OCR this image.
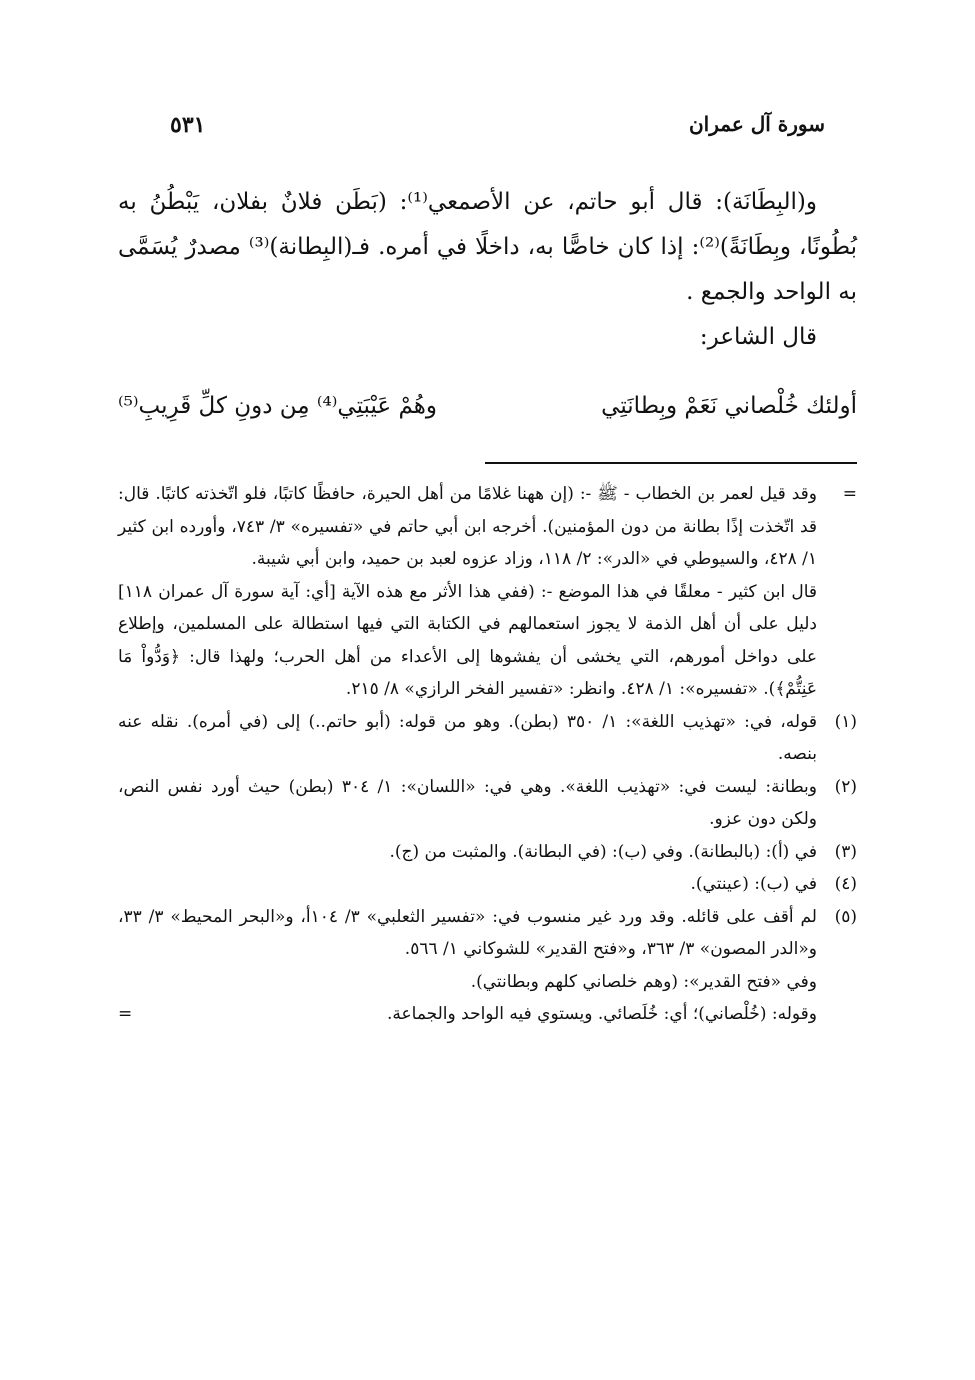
سورة آل عمران
٥٣١

و(البِطَانَة): قال أبو حاتم، عن الأصمعي⁽¹⁾: (بَطَن فلانٌ بفلان، يَبْطُنُ به بُطُونًا، وبِطَانَةً)⁽²⁾: إذا كان خاصًّا به، داخلًا في أمره. فـ(البِطانة)⁽³⁾ مصدرٌ يُسَمَّى به الواحد والجمع .

قال الشاعر:

أولئك خُلْصاني نَعَمْ وبِطانَتِي
وهُمْ عَيْبَتِي⁽⁴⁾ مِن دونِ كلِّ قَرِيبِ⁽⁵⁾
=

وقد قيل لعمر بن الخطاب - ﷺ -: (إن ههنا غلامًا من أهل الحيرة، حافظًا كاتبًا، فلو اتّخذته كاتبًا. قال: قد اتّخذت إذًا بطانة من دون المؤمنين). أخرجه ابن أبي حاتم في «تفسيره» ٣/ ٧٤٣، وأورده ابن كثير ١/ ٤٢٨، والسيوطي في «الدر»: ٢/ ١١٨، وزاد عزوه لعبد بن حميد، وابن أبي شيبة.

قال ابن كثير - معلقًا في هذا الموضع -: (ففي هذا الأثر مع هذه الآية [أي: آية سورة آل عمران ١١٨] دليل على أن أهل الذمة لا يجوز استعمالهم في الكتابة التي فيها استطالة على المسلمين، وإطلاع على دواخل أمورهم، التي يخشى أن يفشوها إلى الأعداء من أهل الحرب؛ ولهذا قال: ﴿وَدُّواْ مَا عَنِتُّمْ﴾). «تفسيره»: ١/ ٤٢٨. وانظر: «تفسير الفخر الرازي» ٨/ ٢١٥.

(١)

قوله، في: «تهذيب اللغة»: ١/ ٣٥٠ (بطن). وهو من قوله: (أبو حاتم..) إلى (في أمره). نقله عنه بنصه.

(٢)

وبطانة: ليست في: «تهذيب اللغة». وهي في: «اللسان»: ١/ ٣٠٤ (بطن) حيث أورد نفس النص، ولكن دون عزو.

(٣)

في (أ): (بالبطانة). وفي (ب): (في البطانة). والمثبت من (ج).

(٤)

في (ب): (عينتي).

(٥)

لم أقف على قائله. وقد ورد غير منسوب في: «تفسير الثعلبي» ٣/ ١٠٤أ، و«البحر المحيط» ٣/ ٣٣، و«الدر المصون» ٣/ ٣٦٣، و«فتح القدير» للشوكاني ١/ ٥٦٦.

وفي «فتح القدير»: (وهم خلصاني كلهم وبطانتي).

=	وقوله: (خُلْصاني)؛ أي: خُلَصائي. ويستوي فيه الواحد والجماعة.
